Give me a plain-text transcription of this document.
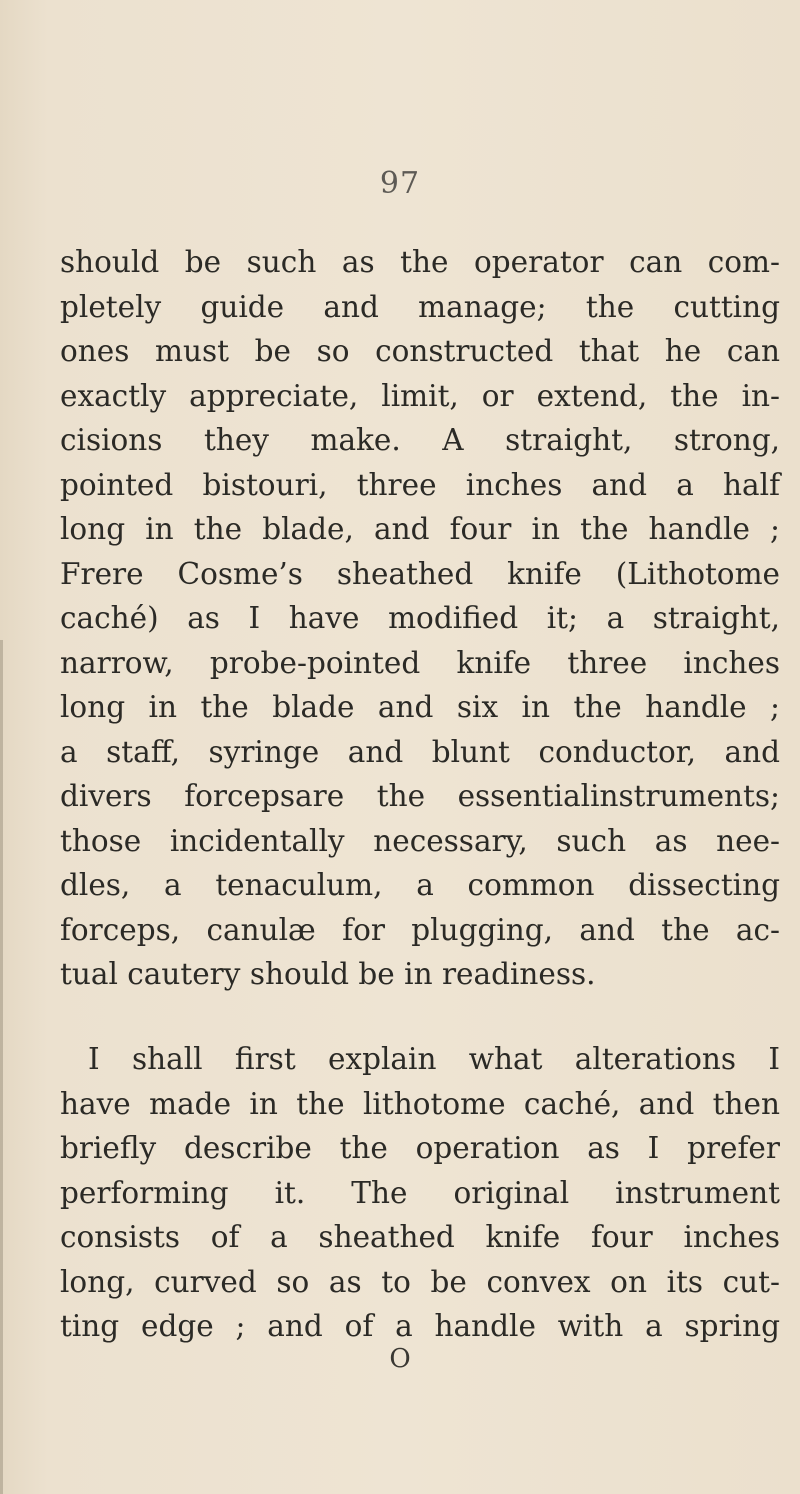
97
should be such as the operator can com-
pletely guide and manage; the cutting
ones must be so constructed that he can
exactly appreciate, limit, or extend, the in-
cisions they make. A straight, strong,
pointed bistouri, three inches and a half
long in the blade, and four in the handle ;
Frere Cosme’s sheathed knife (Lithotome
caché) as I have modified it; a straight,
narrow, probe-pointed knife three inches
long in the blade and six in the handle ;
a staff, syringe and blunt conductor, and
divers forcepsare the essentialinstruments;
those incidentally necessary, such as nee-
dles, a tenaculum, a common dissecting
forceps, canulæ for plugging, and the ac-
tual cautery should be in readiness.
I shall first explain what alterations I
have made in the lithotome caché, and then
briefly describe the operation as I prefer
performing it. The original instrument
consists of a sheathed knife four inches
long, curved so as to be convex on its cut-
ting edge ; and of a handle with a spring
O
